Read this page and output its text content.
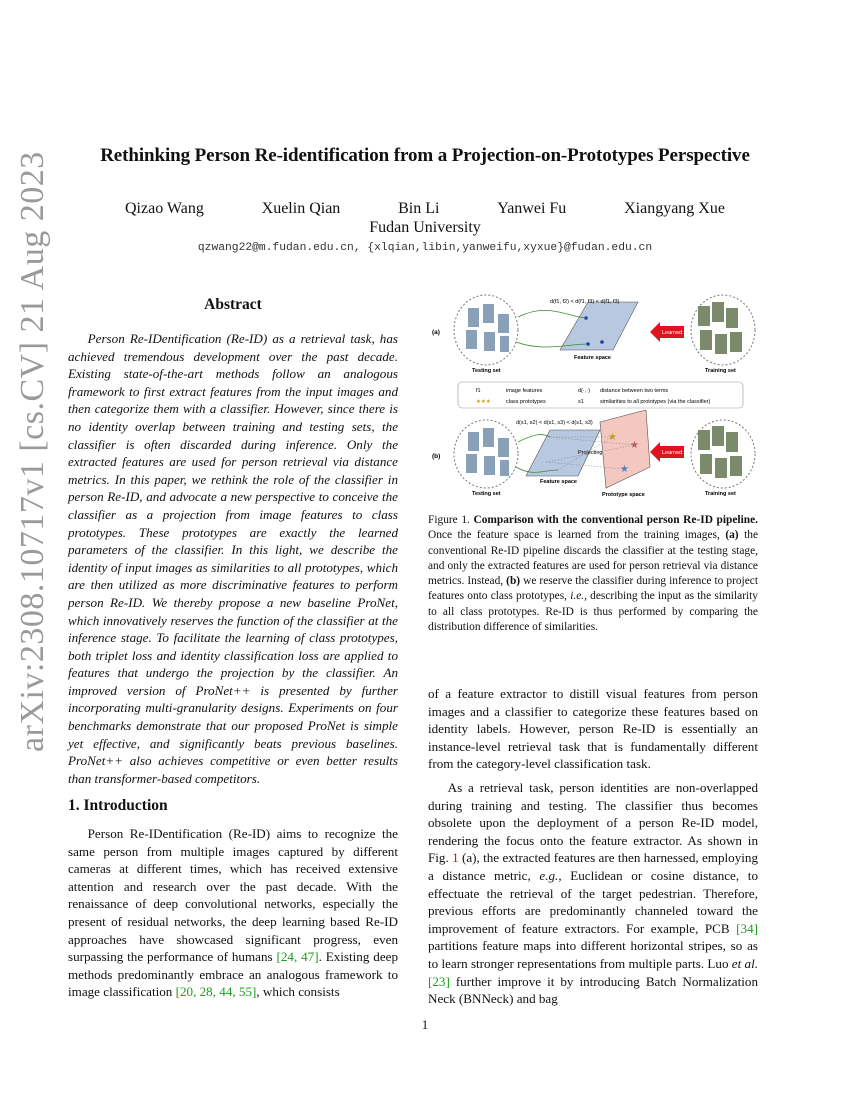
Rethinking Person Re-identification from a Projection-on-Prototypes Perspective
Qizao Wang	Xuelin Qian	Bin Li	Yanwei Fu	Xiangyang Xue
Fudan University
qzwang22@m.fudan.edu.cn, {xlqian,libin,yanweifu,xyxue}@fudan.edu.cn
arXiv:2308.10717v1 [cs.CV] 21 Aug 2023	Abstract

Person Re-IDentification (Re-ID) as a retrieval task, has achieved tremendous development over the past decade. Existing state-of-the-art methods follow an analogous framework to first extract features from the input images and then categorize them with a classifier. However, since there is no identity overlap between training and testing sets, the classifier is often discarded during inference. Only the extracted features are used for person retrieval via distance metrics. In this paper, we rethink the role of the classifier in person Re-ID, and advocate a new perspective to conceive the classifier as a projection from image features to class prototypes. These prototypes are exactly the learned parameters of the classifier. In this light, we describe the identity of input images as similarities to all prototypes, which are then utilized as more discriminative features to perform person Re-ID. We thereby propose a new baseline ProNet, which innovatively reserves the function of the classifier at the inference stage. To facilitate the learning of class prototypes, both triplet loss and identity classification loss are applied to features that undergo the projection by the classifier. An improved version of ProNet++ is presented by further incorporating multi-granularity designs. Experiments on four benchmarks demonstrate that our proposed ProNet is simple yet effective, and significantly beats previous baselines. ProNet++ also achieves competitive or even better results than transformer-based competitors.

1. Introduction

Person Re-IDentification (Re-ID) aims to recognize the same person from multiple images captured by different cameras at different times, which has received extensive attention and research over the past decade. With the renaissance of deep convolutional networks, especially the present of residual networks, the deep learning based Re-ID approaches have showcased significant progress, even surpassing the performance of humans [24, 47]. Existing deep methods predominantly embrace an analogous framework to image classification [20, 28, 44, 55], which consists

(a)
Testing set
d(f1, f2) < d(f1, f3) < d(f1, f3)
Feature space
Learned space
Training set
f1	image features
★★★	class prototypes
d(·,·) distance between two terms
s1	similarities to all prototypes (via the classifier)
(b)
Testing set
d(s1, s2) < d(s1, s3) < d(s1, s3)
Feature space
Prototype space
Projecting
★
★
★
Learned space
Training set
Figure 1. Comparison with the conventional person Re-ID pipeline. Once the feature space is learned from the training images, (a) the conventional Re-ID pipeline discards the classifier at the testing stage, and only the extracted features are used for person retrieval via distance metrics. Instead, (b) we reserve the classifier during inference to project features onto class prototypes, i.e., describing the input as the similarity to all class prototypes. Re-ID is thus performed by comparing the distribution difference of similarities.

of a feature extractor to distill visual features from person images and a classifier to categorize these features based on identity labels. However, person Re-ID is essentially an instance-level retrieval task that is fundamentally different from the category-level classification task.

As a retrieval task, person identities are non-overlapped during training and testing. The classifier thus becomes obsolete upon the deployment of a person Re-ID model, rendering the focus onto the feature extractor. As shown in Fig. 1 (a), the extracted features are then harnessed, employing a distance metric, e.g., Euclidean or cosine distance, to effectuate the retrieval of the target pedestrian. Therefore, previous efforts are predominantly channeled toward the improvement of feature extractors. For example, PCB [34] partitions feature maps into different horizontal stripes, so as to learn stronger representations from multiple parts. Luo et al. [23] further improve it by introducing Batch Normalization Neck (BNNeck) and bag

1
